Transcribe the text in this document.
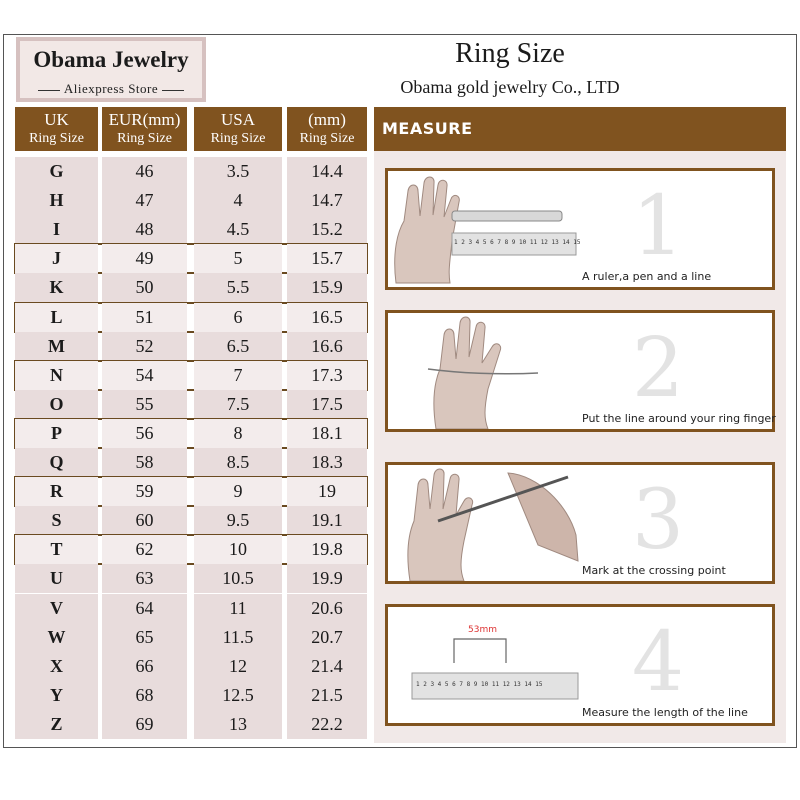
Obama Jewelry
Aliexpress Store
Ring Size
Obama gold jewelry Co., LTD
UK
Ring Size
EUR(mm)
Ring Size
USA
Ring Size
(mm)
Ring Size
G	46	3.5	14.4
H	47	4	14.7
I	48	4.5	15.2
J	49	5	15.7
K	50	5.5	15.9
L	51	6	16.5
M	52	6.5	16.6
N	54	7	17.3
O	55	7.5	17.5
P	56	8	18.1
Q	58	8.5	18.3
R	59	9	19
S	60	9.5	19.1
T	62	10	19.8
U	63	10.5	19.9
V	64	11	20.6
W	65	11.5	20.7
X	66	12	21.4
Y	68	12.5	21.5
Z	69	13	22.2
MEASURE
1 2 3 4 5 6 7 8 9 10 11 12 13 14 15 1
A ruler,a pen and a line
2
Put the line around your ring finger
3
Mark at the crossing point
1 2 3 4 5 6 7 8 9 10 11 12 13 14 15
53mm 4
Measure the length of the line
